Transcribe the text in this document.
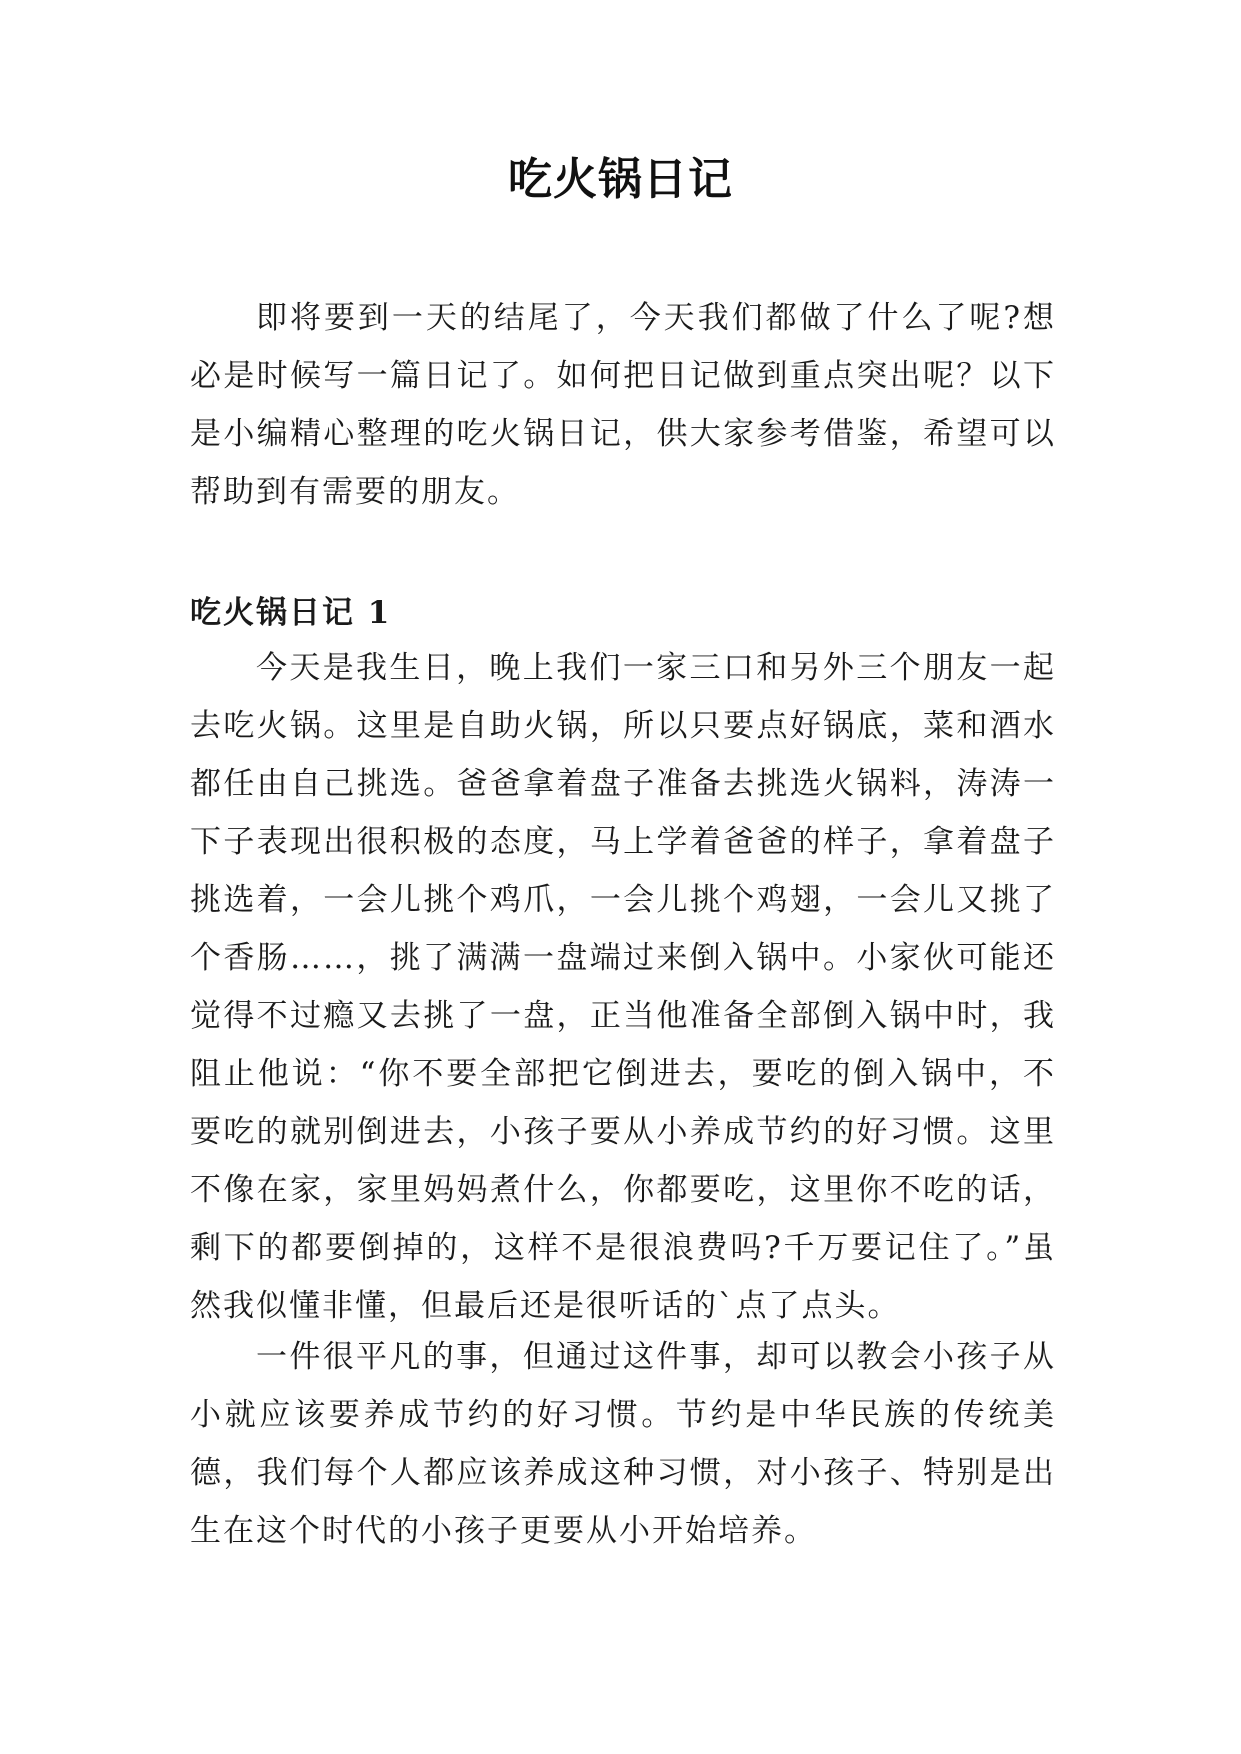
吃火锅日记

即将要到一天的结尾了，今天我们都做了什么了呢?想必是时候写一篇日记了。如何把日记做到重点突出呢？以下是小编精心整理的吃火锅日记，供大家参考借鉴，希望可以帮助到有需要的朋友。

吃火锅日记 1

今天是我生日，晚上我们一家三口和另外三个朋友一起去吃火锅。这里是自助火锅，所以只要点好锅底，菜和酒水都任由自己挑选。爸爸拿着盘子准备去挑选火锅料，涛涛一下子表现出很积极的态度，马上学着爸爸的样子，拿着盘子挑选着，一会儿挑个鸡爪，一会儿挑个鸡翅，一会儿又挑了个香肠……，挑了满满一盘端过来倒入锅中。小家伙可能还觉得不过瘾又去挑了一盘，正当他准备全部倒入锅中时，我阻止他说：“你不要全部把它倒进去，要吃的倒入锅中，不要吃的就别倒进去，小孩子要从小养成节约的好习惯。这里不像在家，家里妈妈煮什么，你都要吃，这里你不吃的话，剩下的都要倒掉的，这样不是很浪费吗?千万要记住了。”虽然我似懂非懂，但最后还是很听话的`点了点头。

一件很平凡的事，但通过这件事，却可以教会小孩子从小就应该要养成节约的好习惯。节约是中华民族的传统美德，我们每个人都应该养成这种习惯，对小孩子、特别是出生在这个时代的小孩子更要从小开始培养。
